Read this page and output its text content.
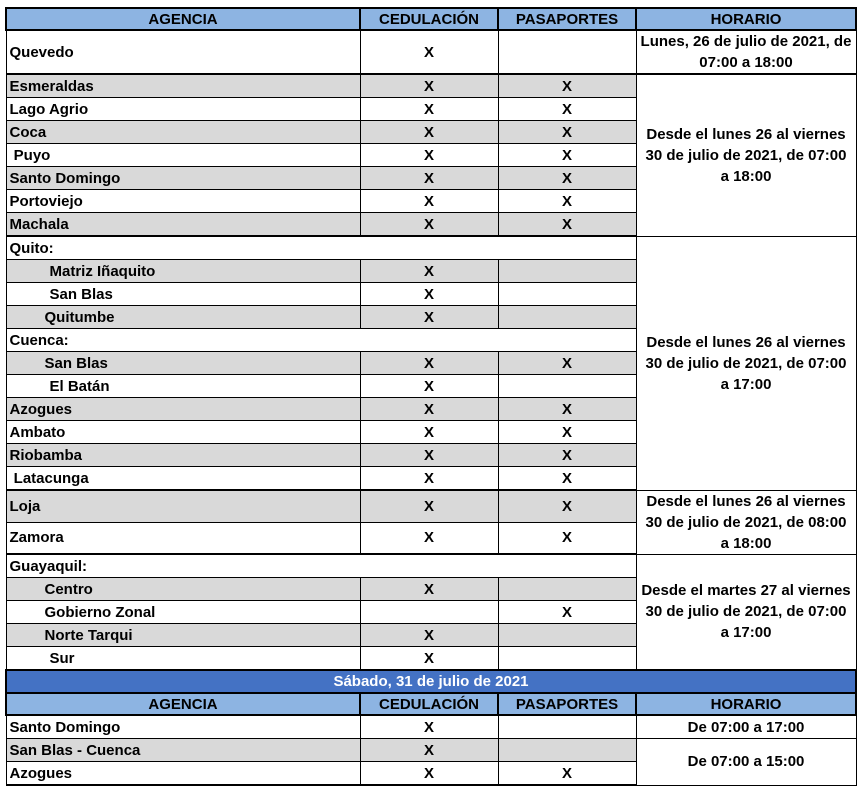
AGENCIA	CEDULACIÓN	PASAPORTES	HORARIO
Quevedo	X		Lunes, 26 de julio de 2021, de 07:00 a 18:00
Esmeraldas	X	X	Desde el lunes 26 al viernes 30 de julio de 2021, de 07:00 a 18:00
Lago Agrio	X	X	
Coca	X	X	
Puyo	X	X	
Santo Domingo	X	X	
Portoviejo	X	X	
Machala	X	X	
Quito:			Desde el lunes 26 al viernes 30 de julio de 2021, de 07:00 a 17:00
Matriz Iñaquito	X		
San Blas	X		
Quitumbe	X		
Cuenca:			
San Blas	X	X	
El Batán	X		
Azogues	X	X	
Ambato	X	X	
Riobamba	X	X	
Latacunga	X	X	
Loja	X	X	Desde el lunes 26 al viernes 30 de julio de 2021, de 08:00 a 18:00
Zamora	X	X	
Guayaquil:			Desde el martes 27 al viernes 30 de julio de 2021, de 07:00 a 17:00
Centro	X		
Gobierno Zonal		X	
Norte Tarqui	X		
Sur	X		
Sábado, 31 de julio de 2021			
AGENCIA	CEDULACIÓN	PASAPORTES	HORARIO
Santo Domingo	X		De 07:00 a 17:00
San Blas - Cuenca	X		De 07:00 a 15:00
Azogues	X	X	
